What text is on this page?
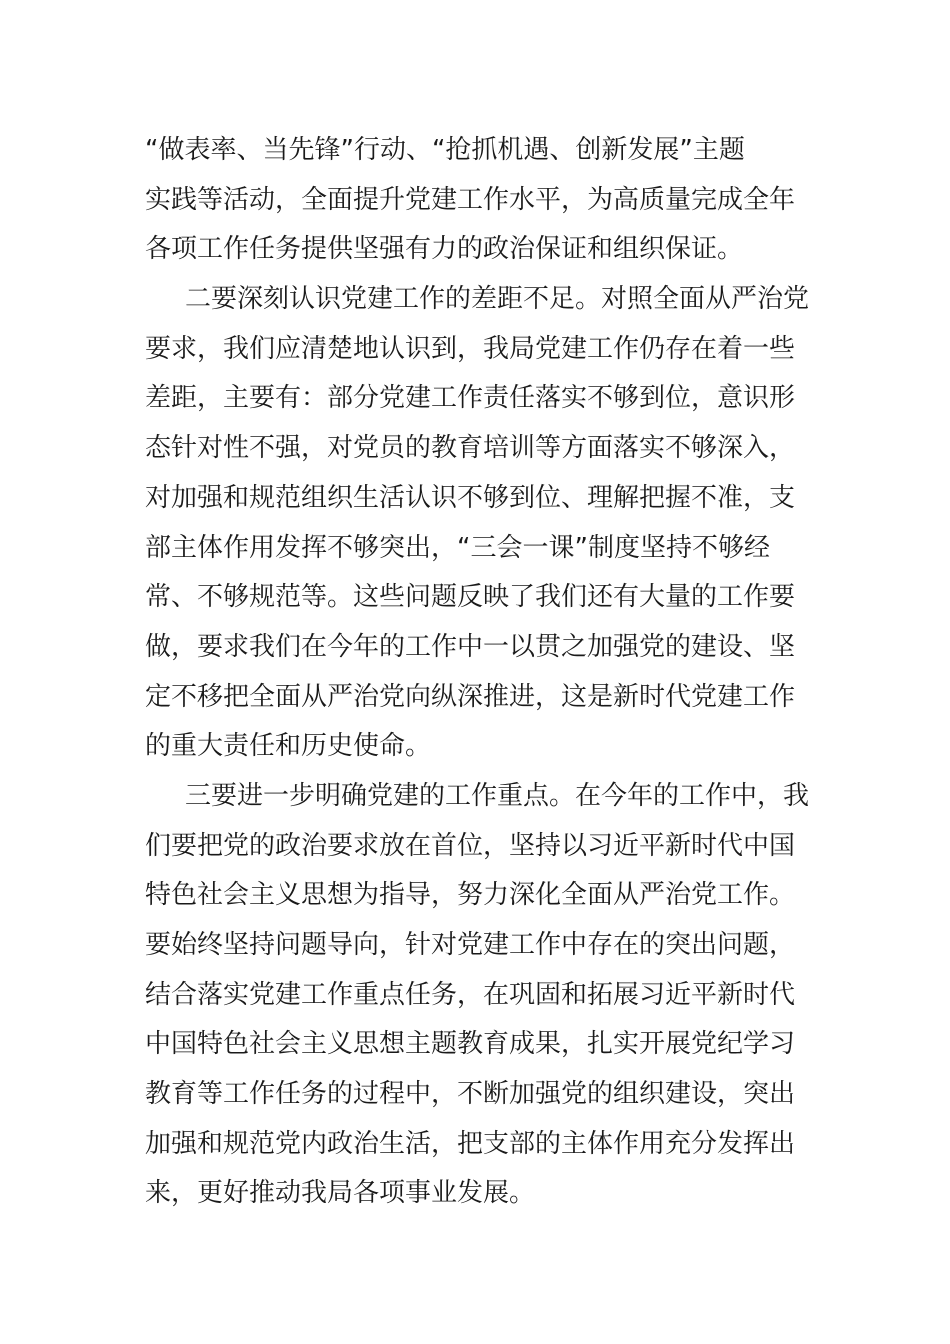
“做表率、当先锋”行动、“抢抓机遇、创新发展”主题
实践等活动，全面提升党建工作水平，为高质量完成全年
各项工作任务提供坚强有力的政治保证和组织保证。
二要深刻认识党建工作的差距不足。对照全面从严治党
要求，我们应清楚地认识到，我局党建工作仍存在着一些
差距，主要有：部分党建工作责任落实不够到位，意识形
态针对性不强，对党员的教育培训等方面落实不够深入，
对加强和规范组织生活认识不够到位、理解把握不准，支
部主体作用发挥不够突出，“三会一课”制度坚持不够经
常、不够规范等。这些问题反映了我们还有大量的工作要
做，要求我们在今年的工作中一以贯之加强党的建设、坚
定不移把全面从严治党向纵深推进，这是新时代党建工作
的重大责任和历史使命。
三要进一步明确党建的工作重点。在今年的工作中，我
们要把党的政治要求放在首位，坚持以习近平新时代中国
特色社会主义思想为指导，努力深化全面从严治党工作。
要始终坚持问题导向，针对党建工作中存在的突出问题，
结合落实党建工作重点任务，在巩固和拓展习近平新时代
中国特色社会主义思想主题教育成果，扎实开展党纪学习
教育等工作任务的过程中，不断加强党的组织建设，突出
加强和规范党内政治生活，把支部的主体作用充分发挥出
来，更好推动我局各项事业发展。
